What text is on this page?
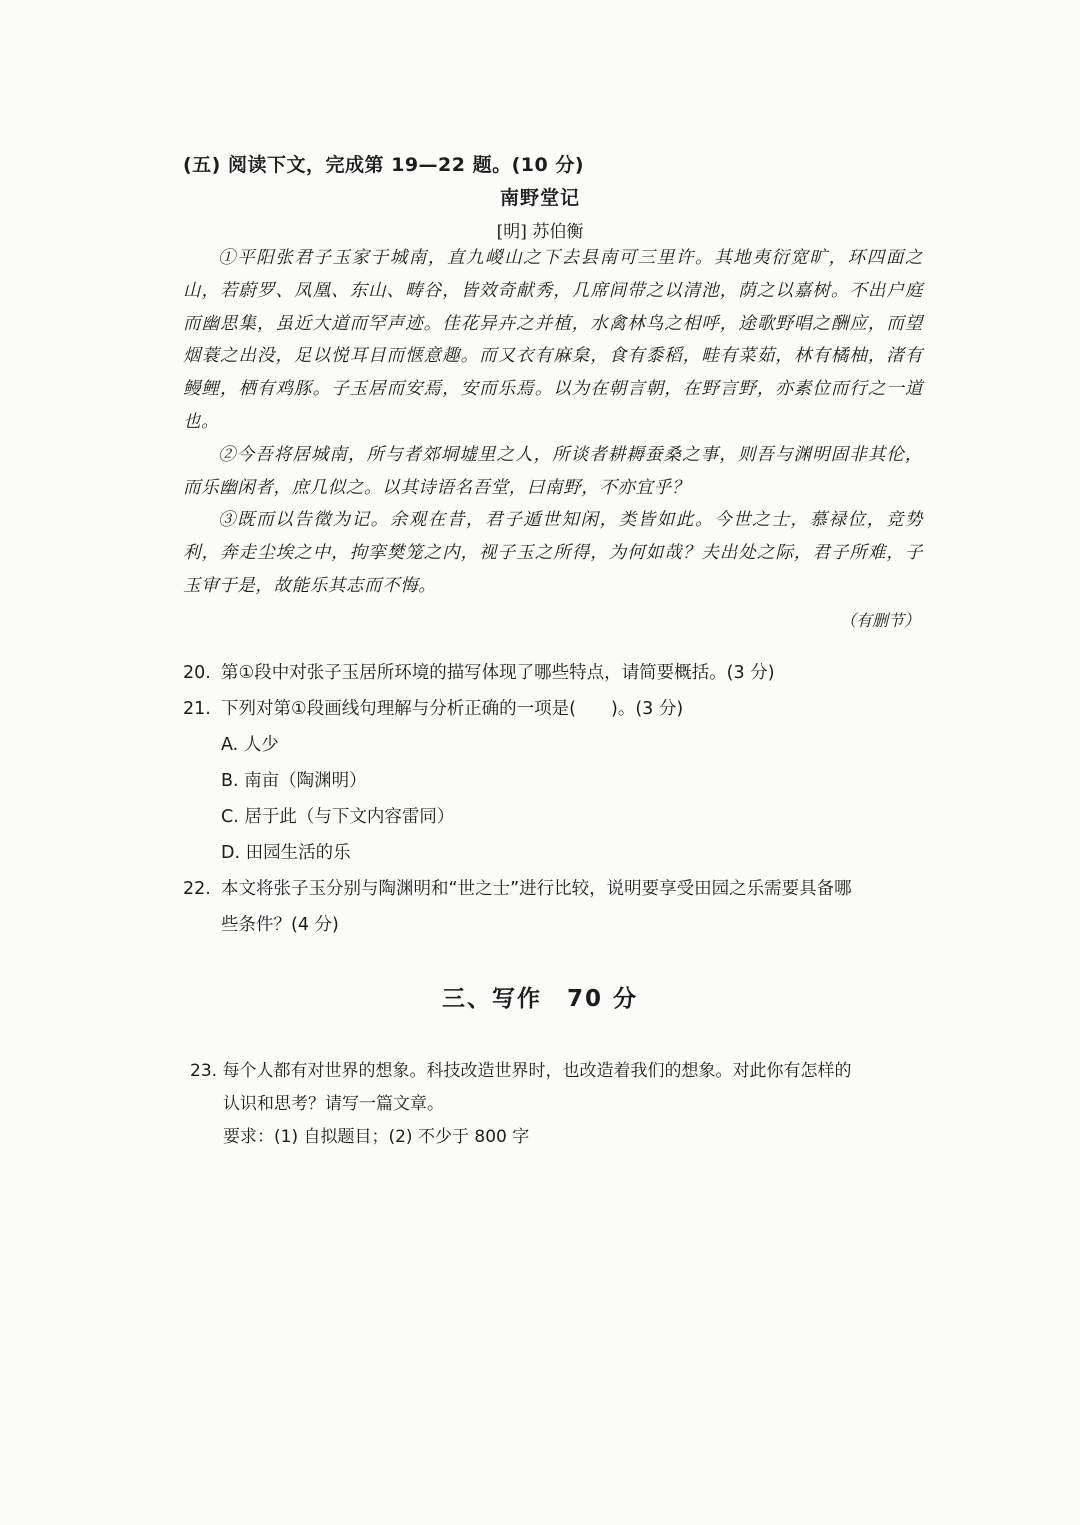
(五) 阅读下文，完成第 19—22 题。(10 分)
南野堂记
[明] 苏伯衡

①平阳张君子玉家于城南，直九嵕山之下去县南可三里许。其地夷衍宽旷，环四面之山，若蔚罗、凤凰、东山、畴谷，皆效奇献秀，几席间带之以清池，荫之以嘉树。不出户庭而幽思集，虽近大道而罕声迹。佳花异卉之并植，水禽林鸟之相呼，途歌野唱之酬应，而望烟蓑之出没，足以悦耳目而惬意趣。而又衣有麻枲，食有黍稻，畦有菜茹，林有橘柚，渚有鳗鲤，栖有鸡豚。子玉居而安焉，安而乐焉。以为在朝言朝，在野言野，亦素位而行之一道也。

②今吾将居城南，所与者郊垌墟里之人，所谈者耕耨蚕桑之事，则吾与渊明固非其伦，而乐幽闲者，庶几似之。以其诗语名吾堂，曰南野，不亦宜乎？

③既而以告徵为记。余观在昔，君子遁世知闲，类皆如此。今世之士，慕禄位，竞势利，奔走尘埃之中，拘挛樊笼之内，视子玉之所得，为何如哉？夫出处之际，君子所难，子玉审于是，故能乐其志而不悔。

（有删节）
20. 第①段中对张子玉居所环境的描写体现了哪些特点，请简要概括。(3 分)
21. 下列对第①段画线句理解与分析正确的一项是(　　)。(3 分)
A. 人少
B. 南亩（陶渊明）
C. 居于此（与下文内容雷同）
D. 田园生活的乐
22. 本文将张子玉分别与陶渊明和“世之士”进行比较，说明要享受田园之乐需要具备哪
些条件？(4 分)
三、写作　70 分
23. 每个人都有对世界的想象。科技改造世界时，也改造着我们的想象。对此你有怎样的
认识和思考？请写一篇文章。
要求：(1) 自拟题目；(2) 不少于 800 字
